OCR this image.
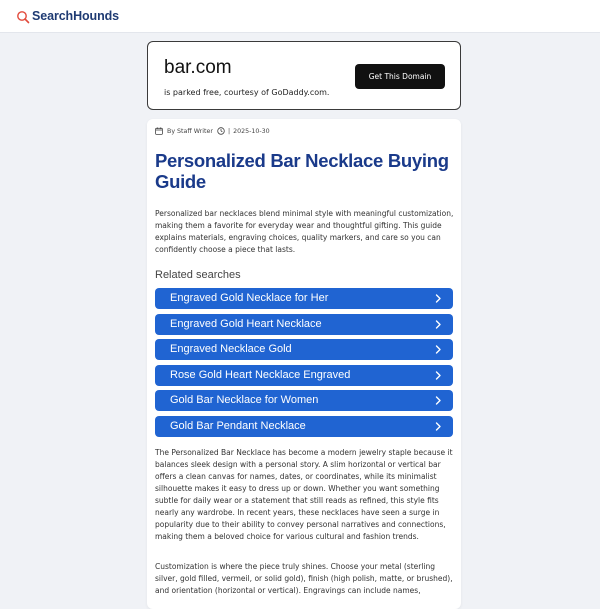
SearchHounds
bar.com
is parked free, courtesy of GoDaddy.com.
Get This Domain
By Staff Writer | 2025-10-30
Personalized Bar Necklace Buying Guide

Personalized bar necklaces blend minimal style with meaningful customization, making them a favorite for everyday wear and thoughtful gifting. This guide explains materials, engraving choices, quality markers, and care so you can confidently choose a piece that lasts.

Related searches
Engraved Gold Necklace for Her
Engraved Gold Heart Necklace
Engraved Necklace Gold
Rose Gold Heart Necklace Engraved
Gold Bar Necklace for Women
Gold Bar Pendant Necklace

The Personalized Bar Necklace has become a modern jewelry staple because it balances sleek design with a personal story. A slim horizontal or vertical bar offers a clean canvas for names, dates, or coordinates, while its minimalist silhouette makes it easy to dress up or down. Whether you want something subtle for daily wear or a statement that still reads as refined, this style fits nearly any wardrobe. In recent years, these necklaces have seen a surge in popularity due to their ability to convey personal narratives and connections, making them a beloved choice for various cultural and fashion trends.

Customization is where the piece truly shines. Choose your metal (sterling silver, gold filled, vermeil, or solid gold), finish (high polish, matte, or brushed), and orientation (horizontal or vertical). Engravings can include names,
